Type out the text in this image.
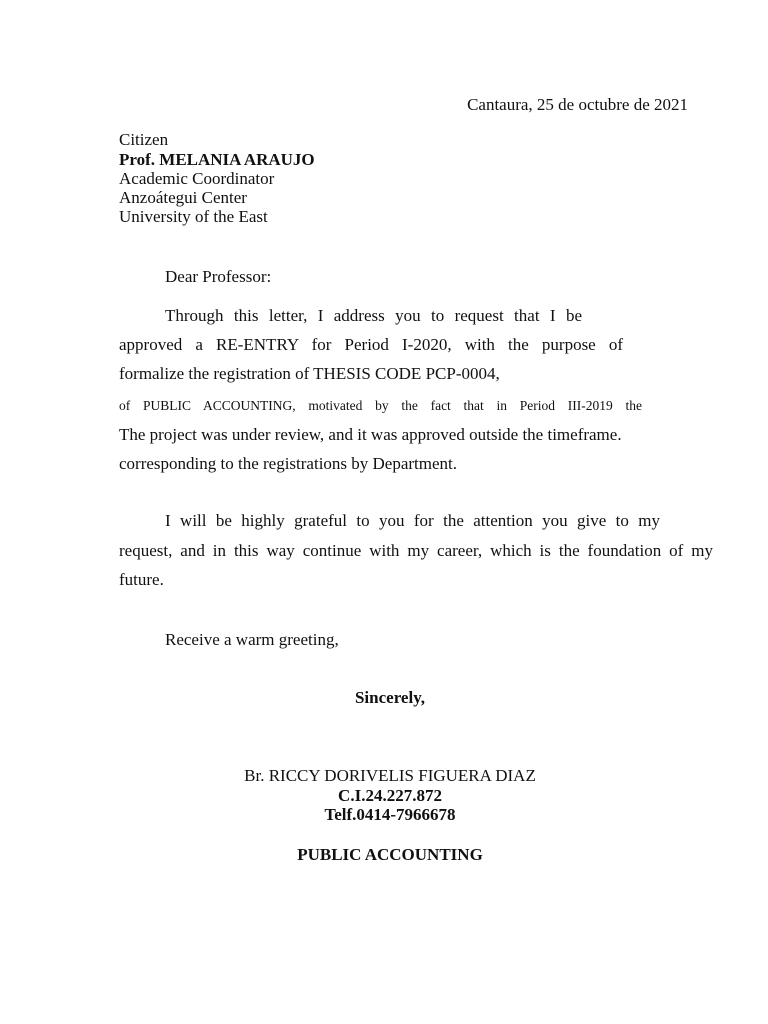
Cantaura, 25 de octubre de 2021
Citizen
Prof. MELANIA ARAUJO
Academic Coordinator
Anzoátegui Center
University of the East
Dear Professor:
Through this letter, I address you to request that I be
approved a RE-ENTRY for Period I-2020, with the purpose of
formalize the registration of THESIS CODE PCP-0004,
of PUBLIC ACCOUNTING, motivated by the fact that in Period III-2019 the
The project was under review, and it was approved outside the timeframe.
corresponding to the registrations by Department.
I will be highly grateful to you for the attention you give to my
request, and in this way continue with my career, which is the foundation of my
future.
Receive a warm greeting,
Sincerely,
Br. RICCY DORIVELIS FIGUERA DIAZ
C.I.24.227.872
Telf.0414-7966678
PUBLIC ACCOUNTING
